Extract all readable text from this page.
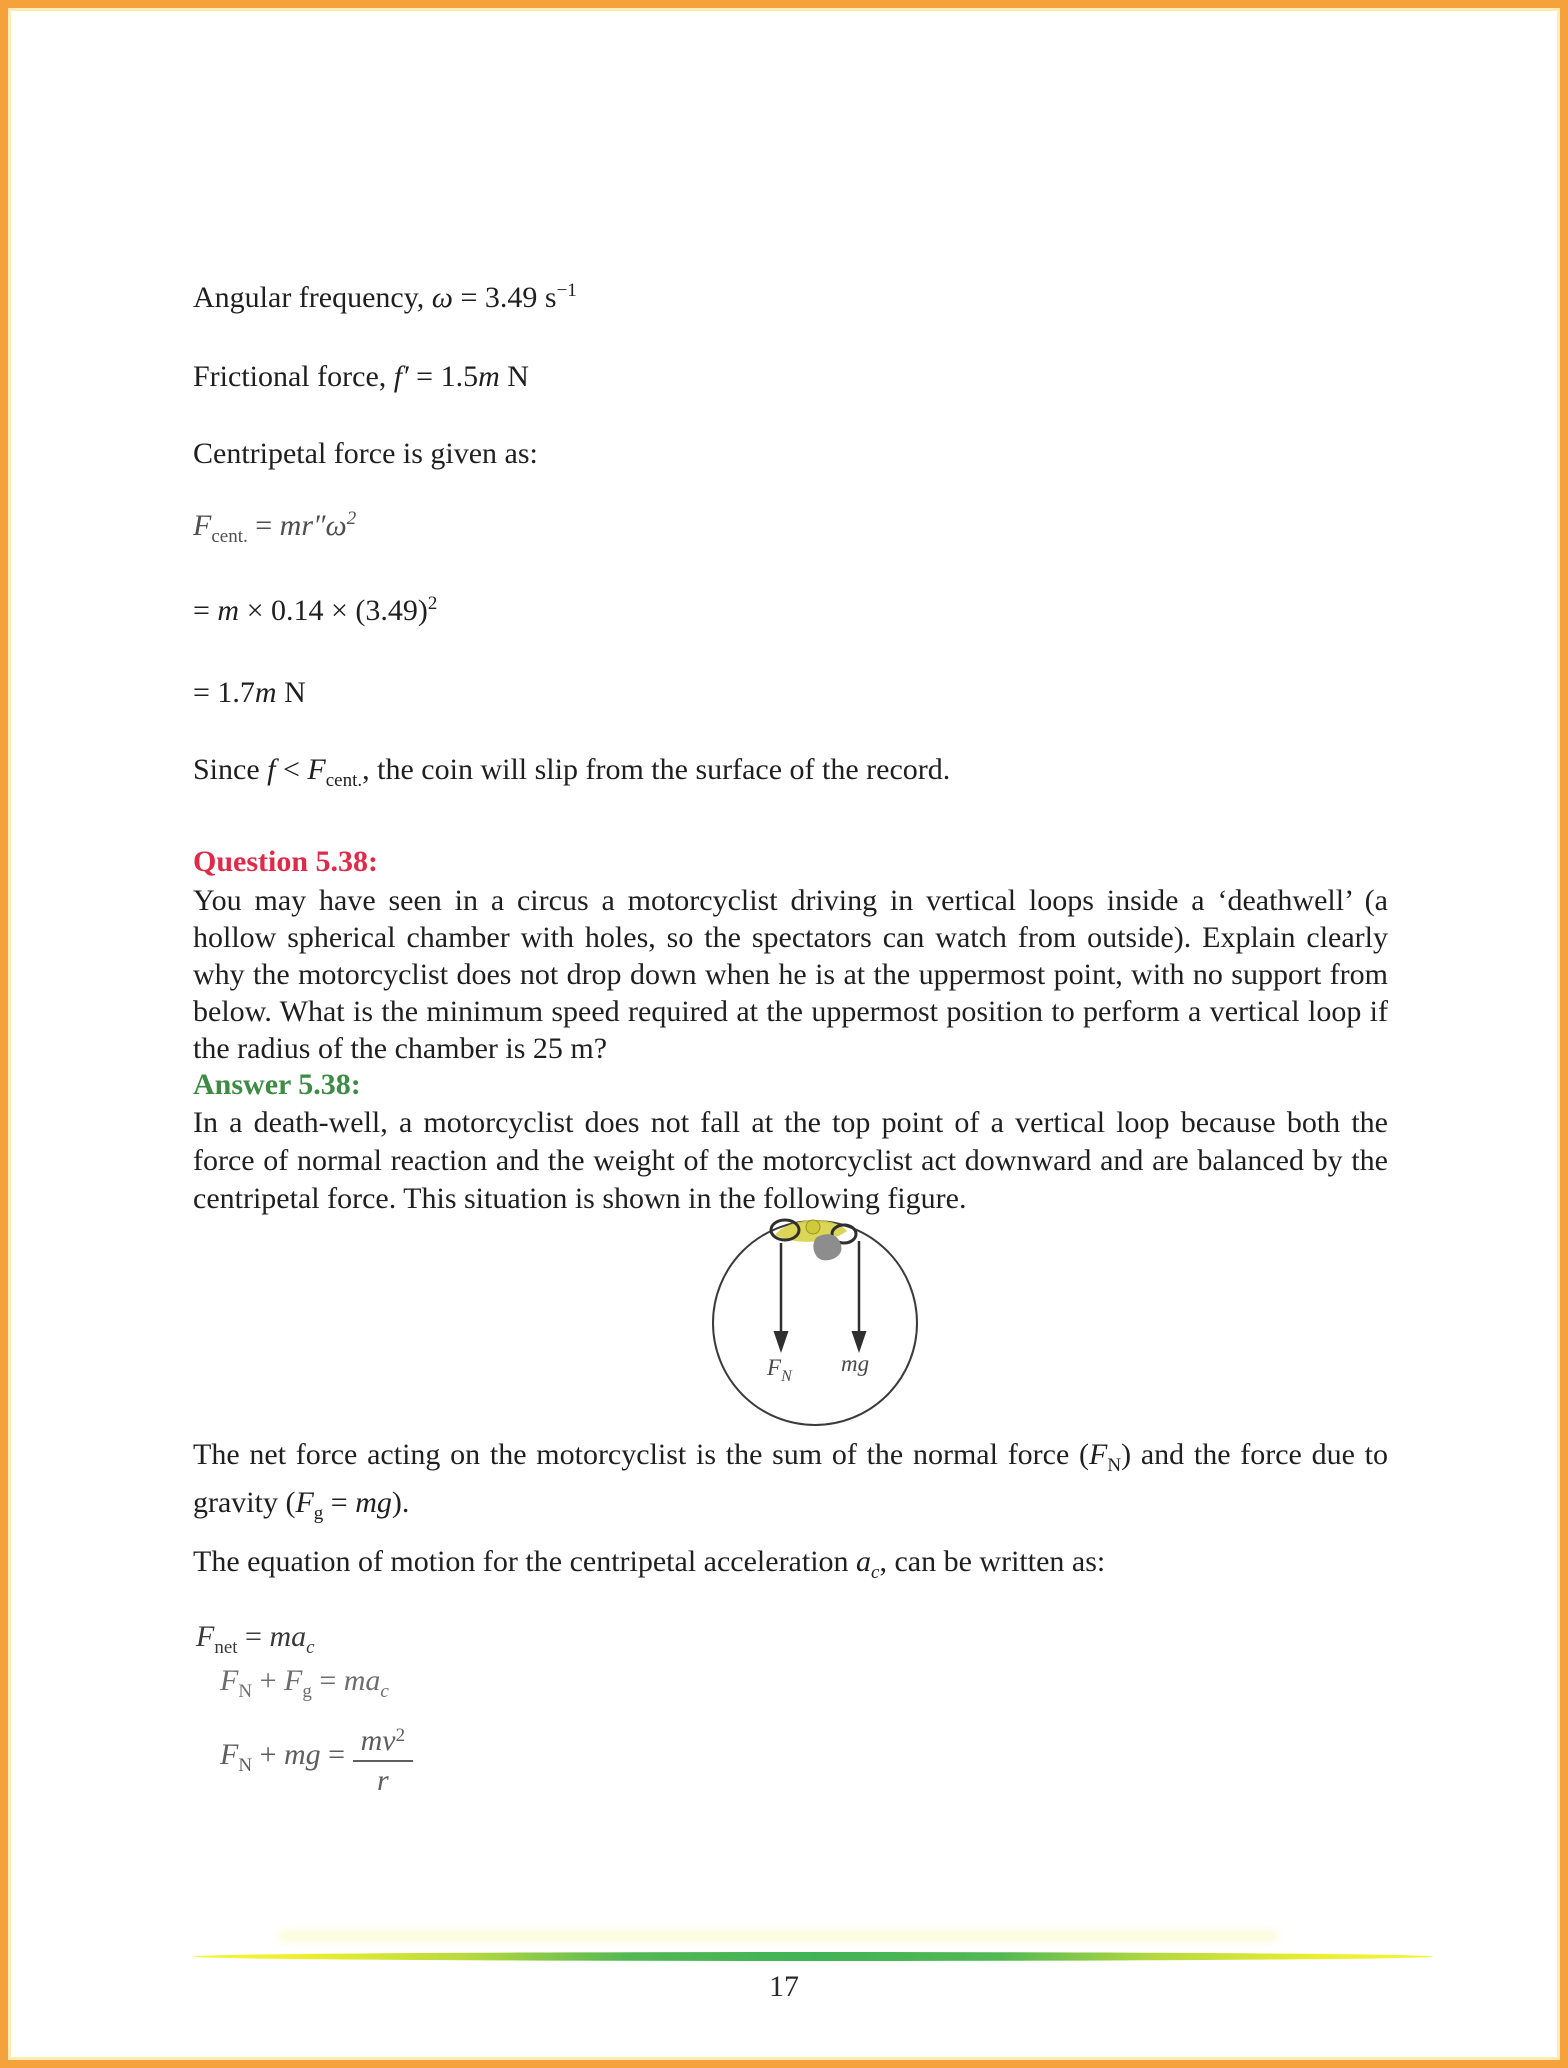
Angular frequency, ω = 3.49 $s^{-1}$
Frictional force, f′ = 1.5m N
Centripetal force is given as:
$F_{cent.} = mr''\omega^2$
= $m \times 0.14 \times (3.49)^2$
= 1.7m N
Since $f < F_{cent.}$, the coin will slip from the surface of the record.
Question 5.38:
You may have seen in a circus a motorcyclist driving in vertical loops inside a ‘deathwell’ (a hollow spherical chamber with holes, so the spectators can watch from outside). Explain clearly why the motorcyclist does not drop down when he is at the uppermost point, with no support from below. What is the minimum speed required at the uppermost position to perform a vertical loop if the radius of the chamber is 25 m?
Answer 5.38:
In a death-well, a motorcyclist does not fall at the top point of a vertical loop because both the force of normal reaction and the weight of the motorcyclist act downward and are balanced by the centripetal force. This situation is shown in the following figure.
$F_N$
mg
The net force acting on the motorcyclist is the sum of the normal force $(F_N)$ and the force due to gravity $(F_g = mg)$.
The equation of motion for the centripetal acceleration $a_c$, can be written as:
$F_{net} = ma_c$
$F_N + F_g = ma_c$
$F_N$ + mg = $\frac{mv^2}{r}$
17
